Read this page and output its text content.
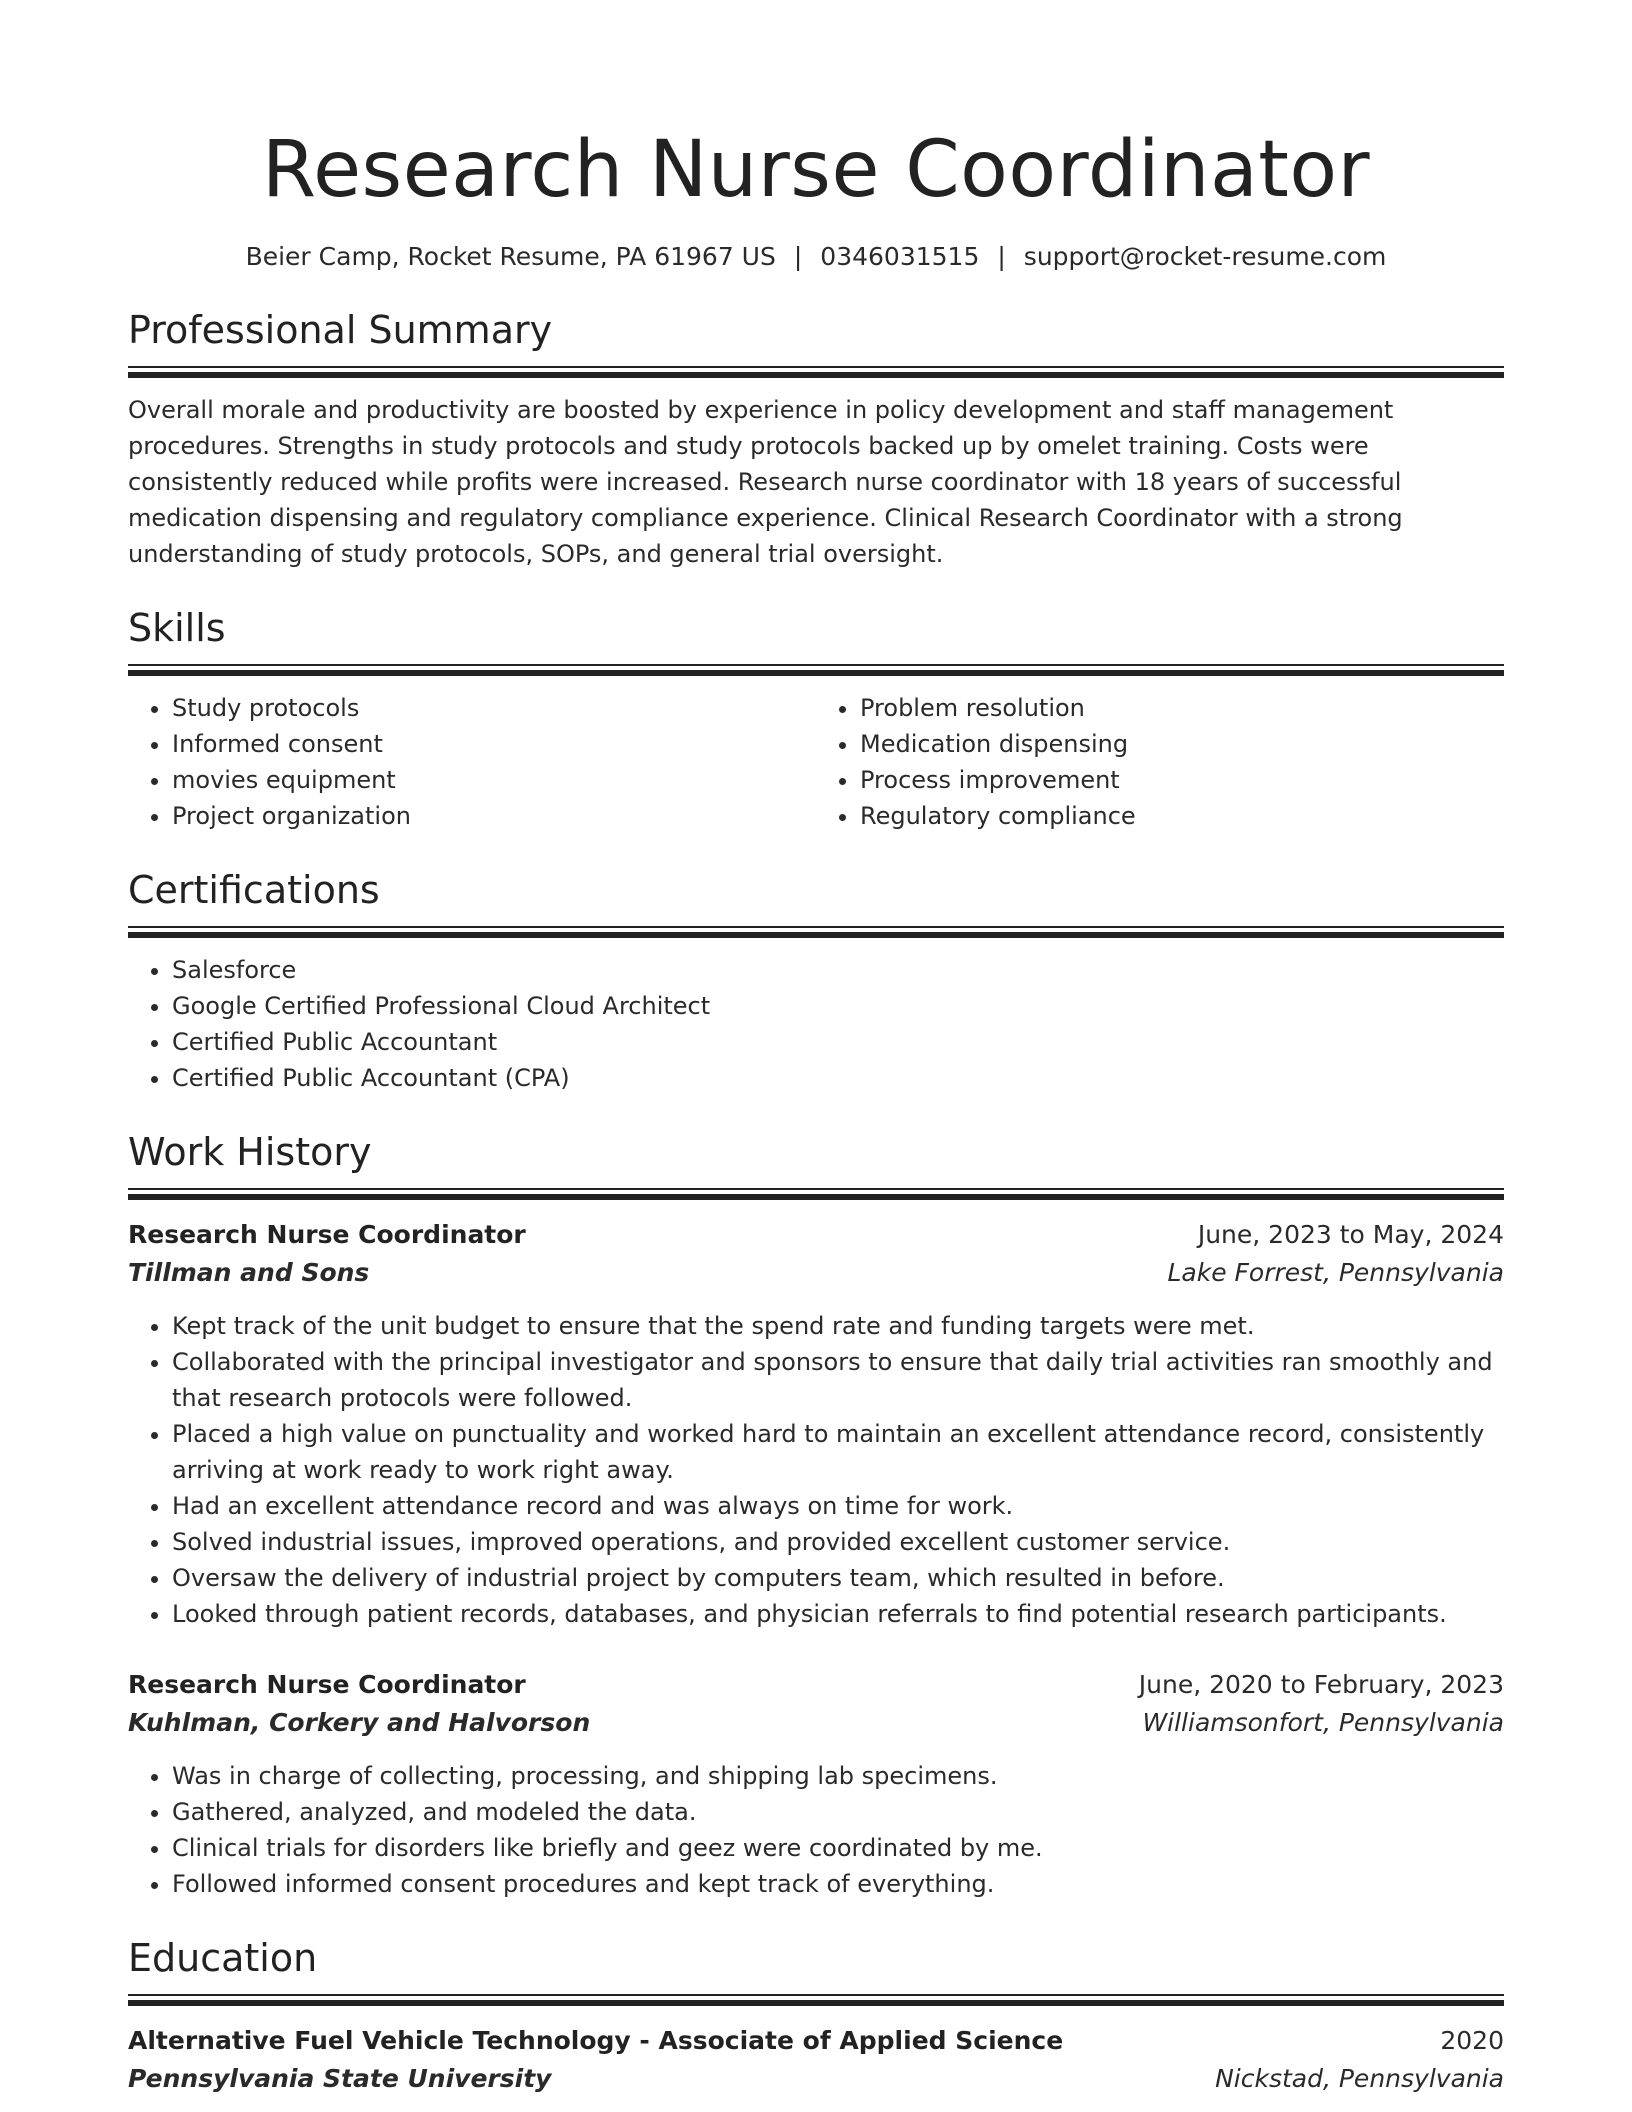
Research Nurse Coordinator
Beier Camp, Rocket Resume, PA 61967 US | 0346031515 | support@rocket-resume.com
Professional Summary

Overall morale and productivity are boosted by experience in policy development and staff management procedures. Strengths in study protocols and study protocols backed up by omelet training. Costs were consistently reduced while profits were increased. Research nurse coordinator with 18 years of successful medication dispensing and regulatory compliance experience. Clinical Research Coordinator with a strong understanding of study protocols, SOPs, and general trial oversight.

Skills
• Study protocols
• Informed consent
• movies equipment
• Project organization
• Problem resolution
• Medication dispensing
• Process improvement
• Regulatory compliance
Certifications
• Salesforce
• Google Certified Professional Cloud Architect
• Certified Public Accountant
• Certified Public Accountant (CPA)
Work History
Research Nurse Coordinator	June, 2023 to May, 2024
Tillman and Sons	Lake Forrest, Pennsylvania
• Kept track of the unit budget to ensure that the spend rate and funding targets were met.
• Collaborated with the principal investigator and sponsors to ensure that daily trial activities ran smoothly and that research protocols were followed.
• Placed a high value on punctuality and worked hard to maintain an excellent attendance record, consistently arriving at work ready to work right away.
• Had an excellent attendance record and was always on time for work.
• Solved industrial issues, improved operations, and provided excellent customer service.
• Oversaw the delivery of industrial project by computers team, which resulted in before.
• Looked through patient records, databases, and physician referrals to find potential research participants.
Research Nurse Coordinator	June, 2020 to February, 2023
Kuhlman, Corkery and Halvorson	Williamsonfort, Pennsylvania
• Was in charge of collecting, processing, and shipping lab specimens.
• Gathered, analyzed, and modeled the data.
• Clinical trials for disorders like briefly and geez were coordinated by me.
• Followed informed consent procedures and kept track of everything.
Education
Alternative Fuel Vehicle Technology - Associate of Applied Science	2020
Pennsylvania State University	Nickstad, Pennsylvania
